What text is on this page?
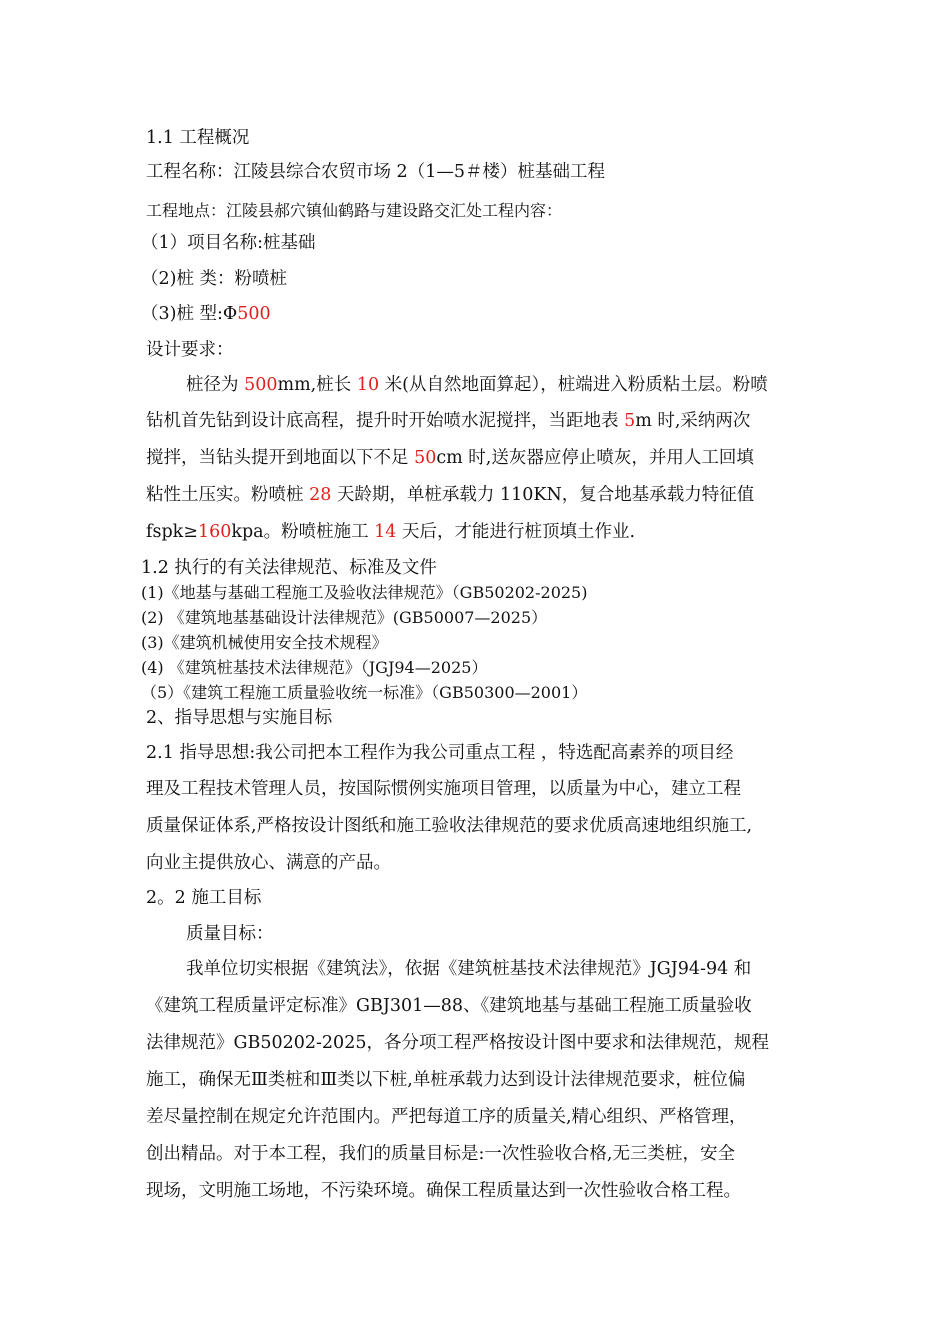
1.1 工程概况
工程名称：江陵县综合农贸市场 2（1—5＃楼）桩基础工程
工程地点：江陵县郝穴镇仙鹤路与建设路交汇处工程内容：
（1）项目名称:桩基础
（2)桩 类：粉喷桩
（3)桩 型:Φ500
设计要求：
桩径为 500mm,桩长 10 米(从自然地面算起），桩端进入粉质粘土层。粉喷
钻机首先钻到设计底高程，提升时开始喷水泥搅拌，当距地表 5m 时,采纳两次
搅拌，当钻头提开到地面以下不足 50cm 时,送灰器应停止喷灰，并用人工回填
粘性土压实。粉喷桩 28 天龄期，单桩承载力 110KN，复合地基承载力特征值
fspk≥160kpa。粉喷桩施工 14 天后，才能进行桩顶填土作业.
1.2 执行的有关法律规范、标准及文件
(1)《地基与基础工程施工及验收法律规范》（GB50202-2025)
(2) 《建筑地基基础设计法律规范》(GB50007—2025）
(3)《建筑机械使用安全技术规程》
(4) 《建筑桩基技术法律规范》（JGJ94—2025）
（5）《建筑工程施工质量验收统一标准》（GB50300—2001）
2、指导思想与实施目标
2.1 指导思想:我公司把本工程作为我公司重点工程 ，特选配高素养的项目经
理及工程技术管理人员，按国际惯例实施项目管理，以质量为中心，建立工程
质量保证体系,严格按设计图纸和施工验收法律规范的要求优质高速地组织施工,
向业主提供放心、满意的产品。
2。2 施工目标
质量目标：
我单位切实根据《建筑法》，依据《建筑桩基技术法律规范》JGJ94-94 和
《建筑工程质量评定标准》GBJ301—88、《建筑地基与基础工程施工质量验收
法律规范》GB50202-2025，各分项工程严格按设计图中要求和法律规范，规程
施工，确保无Ⅲ类桩和Ⅲ类以下桩,单桩承载力达到设计法律规范要求，桩位偏
差尽量控制在规定允许范围内。严把每道工序的质量关,精心组织、严格管理，
创出精品。对于本工程，我们的质量目标是:一次性验收合格,无三类桩，安全
现场，文明施工场地，不污染环境。确保工程质量达到一次性验收合格工程。
